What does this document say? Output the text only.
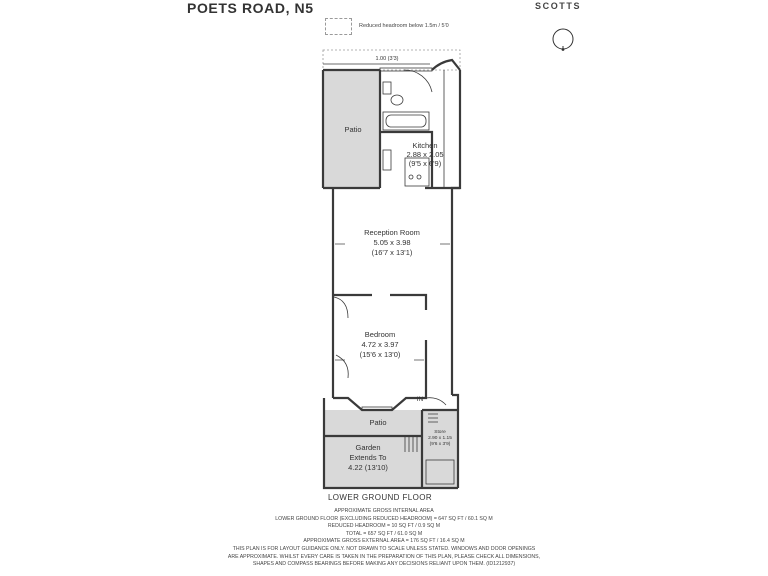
POETS ROAD, N5	SCOTTS
Reduced headroom below 1.5m / 5'0
1.00 (3'3)
Patio
Kitchen
2.88 x 2.05
(9'5 x 6'9)
Reception Room
5.05 x 3.98
(16'7 x 13'1)
Bedroom
4.72 x 3.97
(15'6 x 13'0)
IN
Patio
Store
2.90 x 1.15
(9'6 x 3'9)
Garden
Extends To
4.22 (13'10)
LOWER GROUND FLOOR
APPROXIMATE GROSS INTERNAL AREA
LOWER GROUND FLOOR (EXCLUDING REDUCED HEADROOM) = 647 SQ FT / 60.1 SQ M
REDUCED HEADROOM = 10 SQ FT / 0.9 SQ M
TOTAL = 657 SQ FT / 61.0 SQ M
APPROXIMATE GROSS EXTERNAL AREA = 176 SQ FT / 16.4 SQ M
THIS PLAN IS FOR LAYOUT GUIDANCE ONLY. NOT DRAWN TO SCALE UNLESS STATED. WINDOWS AND DOOR OPENINGS
ARE APPROXIMATE. WHILST EVERY CARE IS TAKEN IN THE PREPARATION OF THIS PLAN, PLEASE CHECK ALL DIMENSIONS,
SHAPES AND COMPASS BEARINGS BEFORE MAKING ANY DECISIONS RELIANT UPON THEM. (ID1212937)
